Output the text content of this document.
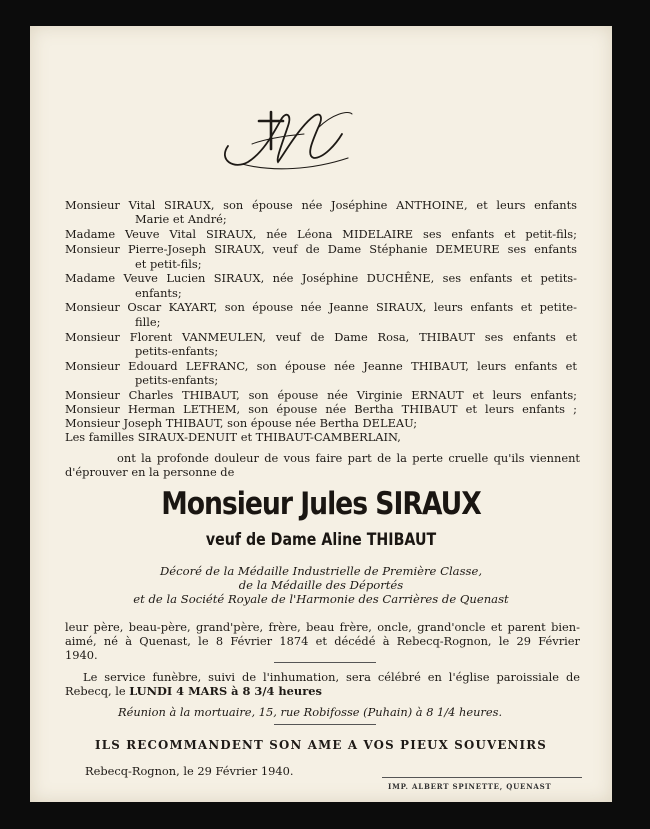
Monsieur Vital SIRAUX, son épouse née Joséphine ANTHOINE, et leurs enfants
Marie et André;
Madame Veuve Vital SIRAUX, née Léona MIDELAIRE ses enfants et petit-fils;
Monsieur Pierre-Joseph SIRAUX, veuf de Dame Stéphanie DEMEURE ses enfants
et petit-fils;
Madame Veuve Lucien SIRAUX, née Joséphine DUCHÊNE, ses enfants et petits-
enfants;
Monsieur Oscar KAYART, son épouse née Jeanne SIRAUX, leurs enfants et petite-
fille;
Monsieur Florent VANMEULEN, veuf de Dame Rosa, THIBAUT ses enfants et
petits-enfants;
Monsieur Edouard LEFRANC, son épouse née Jeanne THIBAUT, leurs enfants et
petits-enfants;
Monsieur Charles THIBAUT, son épouse née Virginie ERNAUT et leurs enfants;
Monsieur Herman LETHEM, son épouse née Bertha THIBAUT et leurs enfants ;
Monsieur Joseph THIBAUT, son épouse née Bertha DELEAU;
Les familles SIRAUX-DENUIT et THIBAUT-CAMBERLAIN,
ont la profonde douleur de vous faire part de la perte cruelle qu'ils viennent
d'éprouver en la personne de
Monsieur Jules SIRAUX
veuf de Dame Aline THIBAUT
Décoré de la Médaille Industrielle de Première Classe,
de la Médaille des Déportés
et de la Société Royale de l'Harmonie des Carrières de Quenast
leur père, beau-père, grand'père, frère, beau frère, oncle, grand'oncle et parent bien-
aimé, né à Quenast, le 8 Février 1874 et décédé à Rebecq-Rognon, le 29 Février
1940.
Le service funèbre, suivi de l'inhumation, sera célébré en l'église paroissiale de
Rebecq, le LUNDI 4 MARS à 8 3/4 heures
Réunion à la mortuaire, 15, rue Robifosse (Puhain) à 8 1/4 heures.
ILS RECOMMANDENT SON AME A VOS PIEUX SOUVENIRS
Rebecq-Rognon, le 29 Février 1940.
IMP. ALBERT SPINETTE, QUENAST
